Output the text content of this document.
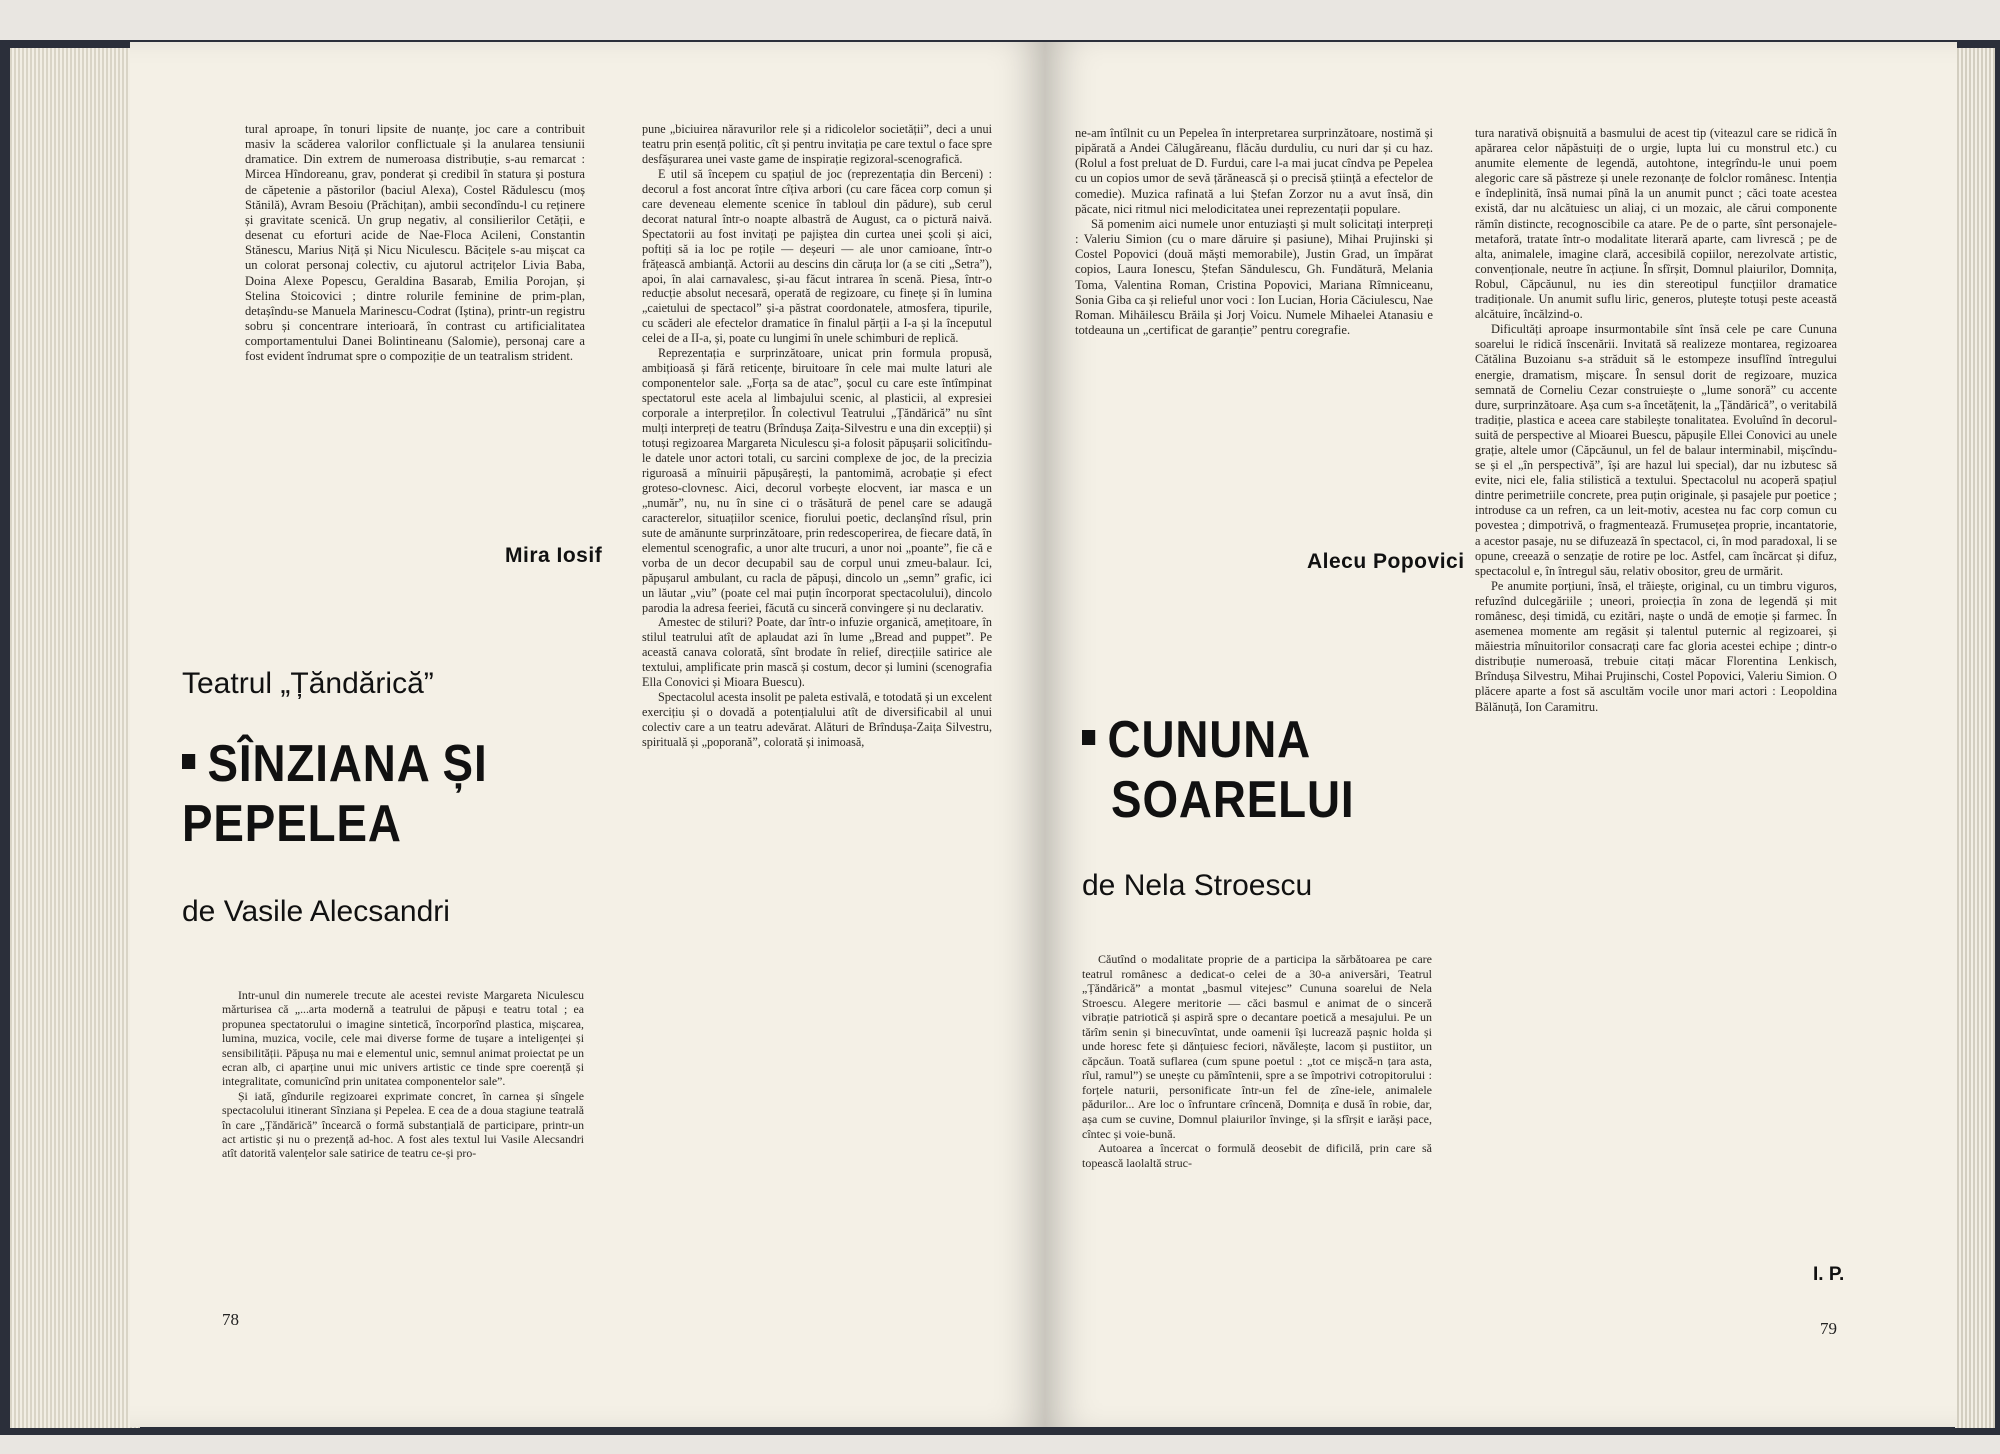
tural aproape, în tonuri lipsite de nuanțe, joc care a contribuit masiv la scăderea valorilor conflictuale și la anularea tensiunii dramatice. Din extrem de numeroasa distribuție, s-au remarcat : Mircea Hîndoreanu, grav, ponderat și credibil în statura și postura de căpetenie a păstorilor (baciul Alexa), Costel Rădulescu (moș Stănilă), Avram Besoiu (Prăchițan), ambii secondîndu-l cu reținere și gravitate scenică. Un grup negativ, al consilierilor Cetății, e desenat cu eforturi acide de Nae-Floca Acileni, Constantin Stănescu, Marius Niță și Nicu Niculescu. Băcițele s-au mișcat ca un colorat personaj colectiv, cu ajutorul actrițelor Livia Baba, Doina Alexe Popescu, Geraldina Basarab, Emilia Porojan, și Stelina Stoicovici ; dintre rolurile feminine de prim-plan, detașîndu-se Manuela Marinescu-Codrat (Iștina), printr-un registru sobru și concentrare interioară, în contrast cu artificialitatea comportamentului Danei Bolintineanu (Salomie), personaj care a fost evident îndrumat spre o compoziție de un teatralism strident.

Mira Iosif
Teatrul „Țăndărică”
SÎNZIANA ȘI
PEPELEA
de Vasile Alecsandri

Intr-unul din numerele trecute ale acestei reviste Margareta Niculescu mărturisea că „...arta modernă a teatrului de păpuși e teatru total ; ea propunea spectatorului o imagine sintetică, încorporînd plastica, mișcarea, lumina, muzica, vocile, cele mai diverse forme de tușare a inteligenței și sensibilității. Păpușa nu mai e elementul unic, semnul animat proiectat pe un ecran alb, ci aparține unui mic univers artistic ce tinde spre coerență și integralitate, comunicînd prin unitatea componentelor sale”.

Și iată, gîndurile regizoarei exprimate concret, în carnea și sîngele spectacolului itinerant Sînziana și Pepelea. E cea de a doua stagiune teatrală în care „Țăndărică” încearcă o formă substanțială de participare, printr-un act artistic și nu o prezență ad-hoc. A fost ales textul lui Vasile Alecsandri atît datorită valențelor sale satirice de teatru ce-și pro-

pune „biciuirea năravurilor rele și a ridicolelor societății”, deci a unui teatru prin esență politic, cît și pentru invitația pe care textul o face spre desfășurarea unei vaste game de inspirație regizoral-scenografică.

E util să începem cu spațiul de joc (reprezentația din Berceni) : decorul a fost ancorat între cîțiva arbori (cu care făcea corp comun și care deveneau elemente scenice în tabloul din pădure), sub cerul decorat natural într-o noapte albastră de August, ca o pictură naivă. Spectatorii au fost invitați pe pajiștea din curtea unei școli și aici, poftiți să ia loc pe roțile — deșeuri — ale unor camioane, într-o frățească ambianță. Actorii au descins din căruța lor (a se citi „Setra”), apoi, în alai carnavalesc, și-au făcut intrarea în scenă. Piesa, într-o reducție absolut necesară, operată de regizoare, cu finețe și în lumina „caietului de spectacol” și-a păstrat coordonatele, atmosfera, tipurile, cu scăderi ale efectelor dramatice în finalul părții a I-a și la începutul celei de a II-a, și, poate cu lungimi în unele schimburi de replică.

Reprezentația e surprinzătoare, unicat prin formula propusă, ambițioasă și fără reticențe, biruitoare în cele mai multe laturi ale componentelor sale. „Forța sa de atac”, șocul cu care este întîmpinat spectatorul este acela al limbajului scenic, al plasticii, al expresiei corporale a interpreților. În colectivul Teatrului „Țăndărică” nu sînt mulți interpreți de teatru (Brîndușa Zaița-Silvestru e una din excepții) și totuși regizoarea Margareta Niculescu și-a folosit păpușarii solicitîndu-le datele unor actori totali, cu sarcini complexe de joc, de la precizia riguroasă a mînuirii păpușărești, la pantomimă, acrobație și efect groteso-clovnesc. Aici, decorul vorbește elocvent, iar masca e un „număr”, nu, nu în sine ci o trăsătură de penel care se adaugă caracterelor, situațiilor scenice, fiorului poetic, declanșînd rîsul, prin sute de amănunte surprinzătoare, prin redescoperirea, de fiecare dată, în elementul scenografic, a unor alte trucuri, a unor noi „poante”, fie că e vorba de un decor decupabil sau de corpul unui zmeu-balaur. Ici, păpușarul ambulant, cu racla de păpuși, dincolo un „semn” grafic, ici un lăutar „viu” (poate cel mai puțin încorporat spectacolului), dincolo parodia la adresa feeriei, făcută cu sinceră convingere și nu declarativ.

Amestec de stiluri? Poate, dar într-o infuzie organică, amețitoare, în stilul teatrului atît de aplaudat azi în lume „Bread and puppet”. Pe această canava colorată, sînt brodate în relief, direcțiile satirice ale textului, amplificate prin mască și costum, decor și lumini (scenografia Ella Conovici și Mioara Buescu).

Spectacolul acesta insolit pe paleta estivală, e totodată și un excelent exercițiu și o dovadă a potențialului atît de diversificabil al unui colectiv care a un teatru adevărat. Alături de Brîndușa-Zaița Silvestru, spirituală și „poporană”, colorată și inimoasă,

78

ne-am întîlnit cu un Pepelea în interpretarea surprinzătoare, nostimă și pipărată a Andei Călugăreanu, flăcău durduliu, cu nuri dar și cu haz. (Rolul a fost preluat de D. Furdui, care l-a mai jucat cîndva pe Pepelea cu un copios umor de sevă țărănească și o precisă știință a efectelor de comedie). Muzica rafinată a lui Ștefan Zorzor nu a avut însă, din păcate, nici ritmul nici melodicitatea unei reprezentații populare.

Să pomenim aici numele unor entuziaști și mult solicitați interpreți : Valeriu Simion (cu o mare dăruire și pasiune), Mihai Prujinski și Costel Popovici (două măști memorabile), Justin Grad, un împărat copios, Laura Ionescu, Ștefan Săndulescu, Gh. Fundătură, Melania Toma, Valentina Roman, Cristina Popovici, Mariana Rîmniceanu, Sonia Giba ca și relieful unor voci : Ion Lucian, Horia Căciulescu, Nae Roman. Mihăilescu Brăila și Jorj Voicu. Numele Mihaelei Atanasiu e totdeauna un „certificat de garanție” pentru coregrafie.

Alecu Popovici
CUNUNA
SOARELUI
de Nela Stroescu

Căutînd o modalitate proprie de a participa la sărbătoarea pe care teatrul românesc a dedicat-o celei de a 30-a aniversări, Teatrul „Țăndărică” a montat „basmul vitejesc” Cununa soarelui de Nela Stroescu. Alegere meritorie — căci basmul e animat de o sinceră vibrație patriotică și aspiră spre o decantare poetică a mesajului. Pe un tărîm senin și binecuvîntat, unde oamenii își lucrează pașnic holda și unde horesc fete și dănțuiesc feciori, năvălește, lacom și pustiitor, un căpcăun. Toată suflarea (cum spune poetul : „tot ce mișcă-n țara asta, rîul, ramul”) se unește cu pămîntenii, spre a se împotrivi cotropitorului : forțele naturii, personificate într-un fel de zîne-iele, animalele pădurilor... Are loc o înfruntare crîncenă, Domnița e dusă în robie, dar, așa cum se cuvine, Domnul plaiurilor învinge, și la sfîrșit e iarăși pace, cîntec și voie-bună.

Autoarea a încercat o formulă deosebit de dificilă, prin care să topească laolaltă struc-

tura narativă obișnuită a basmului de acest tip (viteazul care se ridică în apărarea celor năpăstuiți de o urgie, lupta lui cu monstrul etc.) cu anumite elemente de legendă, autohtone, integrîndu-le unui poem alegoric care să păstreze și unele rezonanțe de folclor românesc. Intenția e îndeplinită, însă numai pînă la un anumit punct ; căci toate acestea există, dar nu alcătuiesc un aliaj, ci un mozaic, ale cărui componente rămîn distincte, recognoscibile ca atare. Pe de o parte, sînt personajele-metaforă, tratate într-o modalitate literară aparte, cam livrescă ; pe de alta, animalele, imagine clară, accesibilă copiilor, nerezolvate artistic, convenționale, neutre în acțiune. În sfîrșit, Domnul plaiurilor, Domnița, Robul, Căpcăunul, nu ies din stereotipul funcțiilor dramatice tradiționale. Un anumit suflu liric, generos, plutește totuși peste această alcătuire, încălzind-o.

Dificultăți aproape insurmontabile sînt însă cele pe care Cununa soarelui le ridică înscenării. Invitată să realizeze montarea, regizoarea Cătălina Buzoianu s-a străduit să le estompeze insuflînd întregului energie, dramatism, mișcare. În sensul dorit de regizoare, muzica semnată de Corneliu Cezar construiește o „lume sonoră” cu accente dure, surprinzătoare. Așa cum s-a încetățenit, la „Țăndărică”, o veritabilă tradiție, plastica e aceea care stabilește tonalitatea. Evoluînd în decorul-suită de perspective al Mioarei Buescu, păpușile Ellei Conovici au unele grație, altele umor (Căpcăunul, un fel de balaur interminabil, mișcîndu-se și el „în perspectivă”, își are hazul lui special), dar nu izbutesc să evite, nici ele, falia stilistică a textului. Spectacolul nu acoperă spațiul dintre perimetriile concrete, prea puțin originale, și pasajele pur poetice ; introduse ca un refren, ca un leit-motiv, acestea nu fac corp comun cu povestea ; dimpotrivă, o fragmentează. Frumusețea proprie, incantatorie, a acestor pasaje, nu se difuzează în spectacol, ci, în mod paradoxal, li se opune, creează o senzație de rotire pe loc. Astfel, cam încărcat și difuz, spectacolul e, în întregul său, relativ obositor, greu de urmărit.

Pe anumite porțiuni, însă, el trăiește, original, cu un timbru viguros, refuzînd dulcegăriile ; uneori, proiecția în zona de legendă și mit românesc, deși timidă, cu ezitări, naște o undă de emoție și farmec. În asemenea momente am regăsit și talentul puternic al regizoarei, și măiestria mînuitorilor consacrați care fac gloria acestei echipe ; dintr-o distribuție numeroasă, trebuie citați măcar Florentina Lenkisch, Brîndușa Silvestru, Mihai Prujinschi, Costel Popovici, Valeriu Simion. O plăcere aparte a fost să ascultăm vocile unor mari actori : Leopoldina Bălănuță, Ion Caramitru.

I. P.
79
